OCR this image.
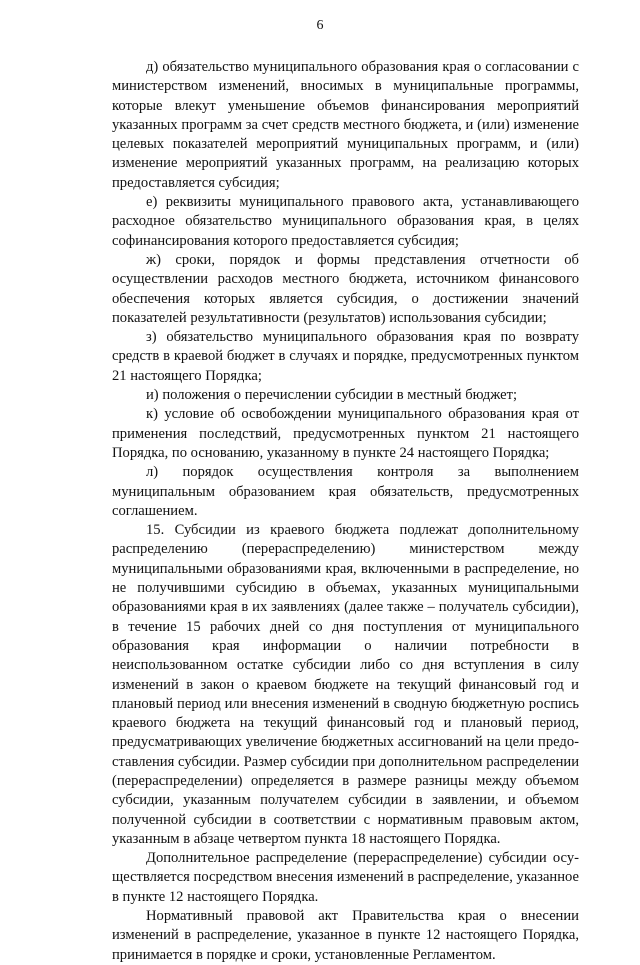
6

д) обязательство муниципального образования края о согласовании с министерством изменений, вносимых в муниципальные программы, которые влекут уменьшение объемов финансирования мероприятий указанных программ за счет средств местного бюджета, и (или) изменение целевых показателей мероприятий муниципальных программ, и (или) изменение мероприятий указанных программ, на реализацию которых предоставляется субсидия;

е) реквизиты муниципального правового акта, устанавливающего расходное обязательство муниципального образования края, в целях софинансирования которого предоставляется субсидия;

ж) сроки, порядок и формы представления отчетности об осуществлении расходов местного бюджета, источником финансового обеспечения которых является субсидия, о достижении значений показателей результативности (результатов) использования субсидии;

з) обязательство муниципального образования края по возврату средств в краевой бюджет в случаях и порядке, предусмотренных пунктом 21 настоящего Порядка;

и) положения о перечислении субсидии в местный бюджет;

к) условие об освобождении муниципального образования края от применения последствий, предусмотренных пунктом 21 настоящего Порядка, по основанию, указанному в пункте 24 настоящего Порядка;

л) порядок осуществления контроля за выполнением муниципальным образованием края обязательств, предусмотренных соглашением.

15. Субсидии из краевого бюджета подлежат дополнительному распределению (перераспределению) министерством между муниципальными образованиями края, включенными в распределение, но не получившими субсидию в объемах, указанных муниципальными образованиями края в их заявлениях (далее также – получатель субсидии), в течение 15 рабочих дней со дня поступления от муниципального образования края информации о наличии потребности в неиспользованном остатке субсидии либо со дня вступления в силу изменений в закон о краевом бюджете на текущий финансовый год и плановый период или внесения изменений в сводную бюджетную роспись краевого бюджета на текущий финансовый год и плановый период, предусматривающих увеличение бюджетных ассигнований на цели предоставления субсидии. Размер субсидии при дополнительном распределении (перераспределении) определяется в размере разницы между объемом субсидии, указанным получателем субсидии в заявлении, и объемом полученной субсидии в соответствии с нормативным правовым актом, указанным в абзаце четвертом пункта 18 настоящего Порядка.

Дополнительное распределение (перераспределение) субсидии осуществляется посредством внесения изменений в распределение, указанное в пункте 12 настоящего Порядка.

Нормативный правовой акт Правительства края о внесении изменений в распределение, указанное в пункте 12 настоящего Порядка, принимается в порядке и сроки, установленные Регламентом.
